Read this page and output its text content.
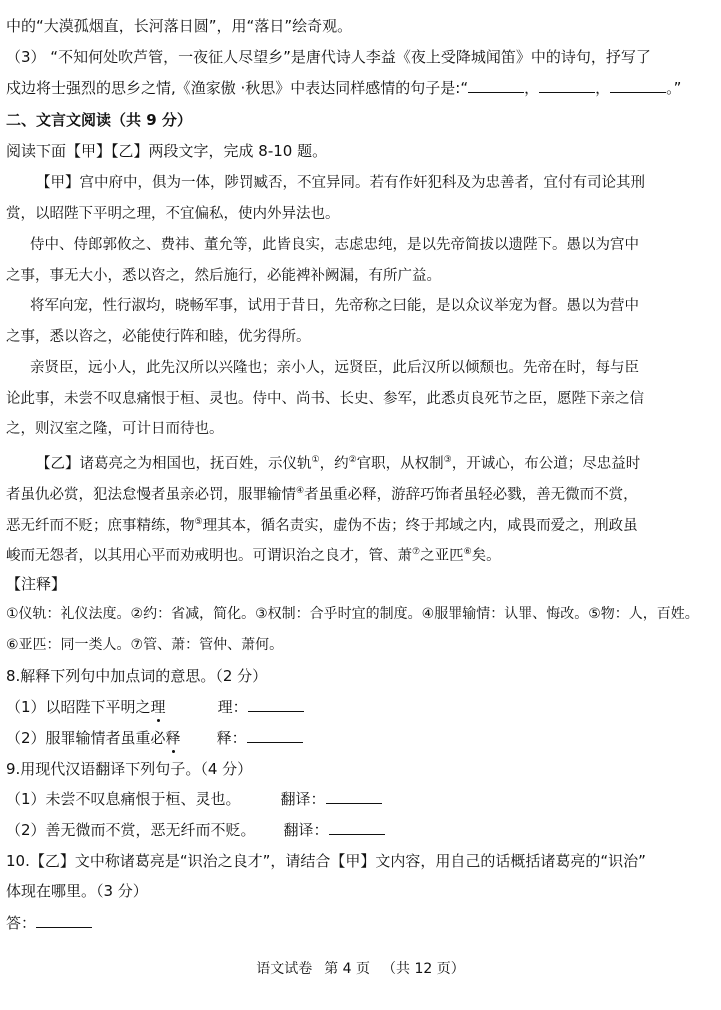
中的“大漠孤烟直，长河落日圆”，用“落日”绘奇观。
（3） “不知何处吹芦管，一夜征人尽望乡”是唐代诗人李益《夜上受降城闻笛》中的诗句，抒写了
戍边将士强烈的思乡之情,《渔家傲 ·秋思》中表达同样感情的句子是:“	，	，	。”
二、文言文阅读（共 9 分）
阅读下面【甲】【乙】两段文字，完成 8-10 题。
【甲】宫中府中，俱为一体，陟罚臧否，不宜异同。若有作奸犯科及为忠善者，宜付有司论其刑
赏，以昭陛下平明之理，不宜偏私，使内外异法也。
侍中、侍郎郭攸之、费祎、董允等，此皆良实，志虑忠纯，是以先帝简拔以遗陛下。愚以为宫中
之事，事无大小，悉以咨之，然后施行，必能裨补阙漏，有所广益。
将军向宠，性行淑均，晓畅军事，试用于昔日，先帝称之曰能，是以众议举宠为督。愚以为营中
之事，悉以咨之，必能使行阵和睦，优劣得所。
亲贤臣，远小人，此先汉所以兴隆也；亲小人，远贤臣，此后汉所以倾颓也。先帝在时，每与臣
论此事，未尝不叹息痛恨于桓、灵也。侍中、尚书、长史、参军，此悉贞良死节之臣，愿陛下亲之信
之，则汉室之隆，可计日而待也。
【乙】诸葛亮之为相国也，抚百姓，示仪轨①，约②官职，从权制③，开诚心，布公道；尽忠益时
者虽仇必赏，犯法怠慢者虽亲必罚，服罪输情④者虽重必释，游辞巧饰者虽轻必戮，善无微而不赏，
恶无纤而不贬；庶事精练，物⑤理其本，循名责实，虚伪不齿；终于邦域之内，咸畏而爱之，刑政虽
峻而无怨者，以其用心平而劝戒明也。可谓识治之良才，管、萧⑦之亚匹⑥矣。
【注释】
①仪轨：礼仪法度。②约：省减，简化。③权制：合乎时宜的制度。④服罪输情：认罪、悔改。⑤物：人，百姓。
⑥亚匹：同一类人。⑦管、萧：管仲、萧何。
8.解释下列句中加点词的意思。（2 分）
（1）以昭陛下平明之理	理：
（2）服罪输情者虽重必释 释：
9.用现代汉语翻译下列句子。（4 分）
（1）未尝不叹息痛恨于桓、灵也。	翻译：
（2）善无微而不赏，恶无纤而不贬。 翻译：
10.【乙】文中称诸葛亮是“识治之良才”，请结合【甲】文内容，用自己的话概括诸葛亮的“识治”
体现在哪里。（3 分）
答：
语文试卷 第 4 页 （共 12 页）
